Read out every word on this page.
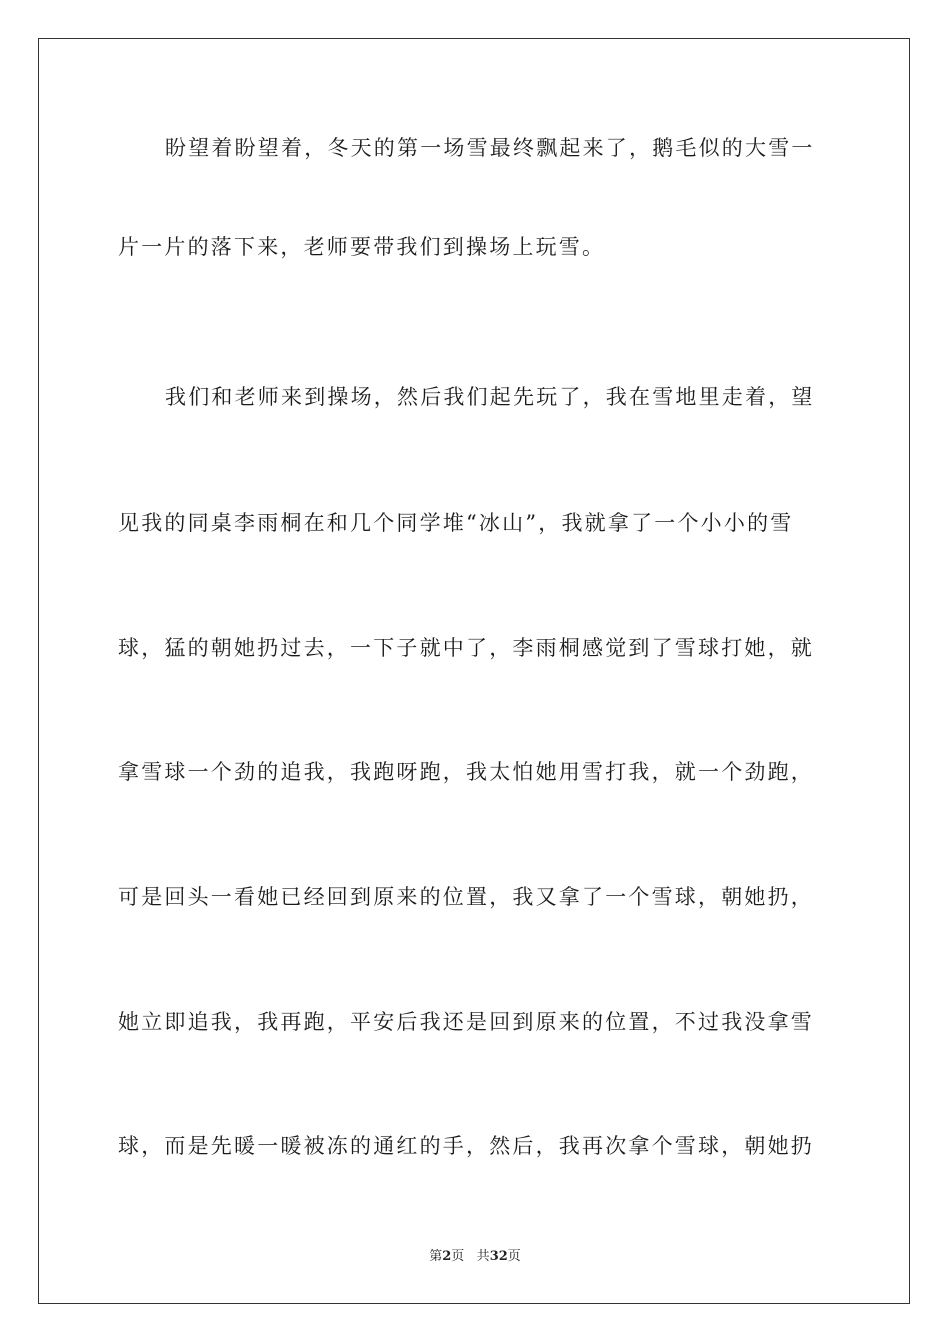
盼望着盼望着，冬天的第一场雪最终飘起来了，鹅毛似的大雪一
片一片的落下来，老师要带我们到操场上玩雪。
我们和老师来到操场，然后我们起先玩了，我在雪地里走着，望
见我的同桌李雨桐在和几个同学堆“冰山”，我就拿了一个小小的雪
球，猛的朝她扔过去，一下子就中了，李雨桐感觉到了雪球打她，就
拿雪球一个劲的追我，我跑呀跑，我太怕她用雪打我，就一个劲跑，
可是回头一看她已经回到原来的位置，我又拿了一个雪球，朝她扔，
她立即追我，我再跑，平安后我还是回到原来的位置，不过我没拿雪
球，而是先暖一暖被冻的通红的手，然后，我再次拿个雪球，朝她扔
第2页 共32页
